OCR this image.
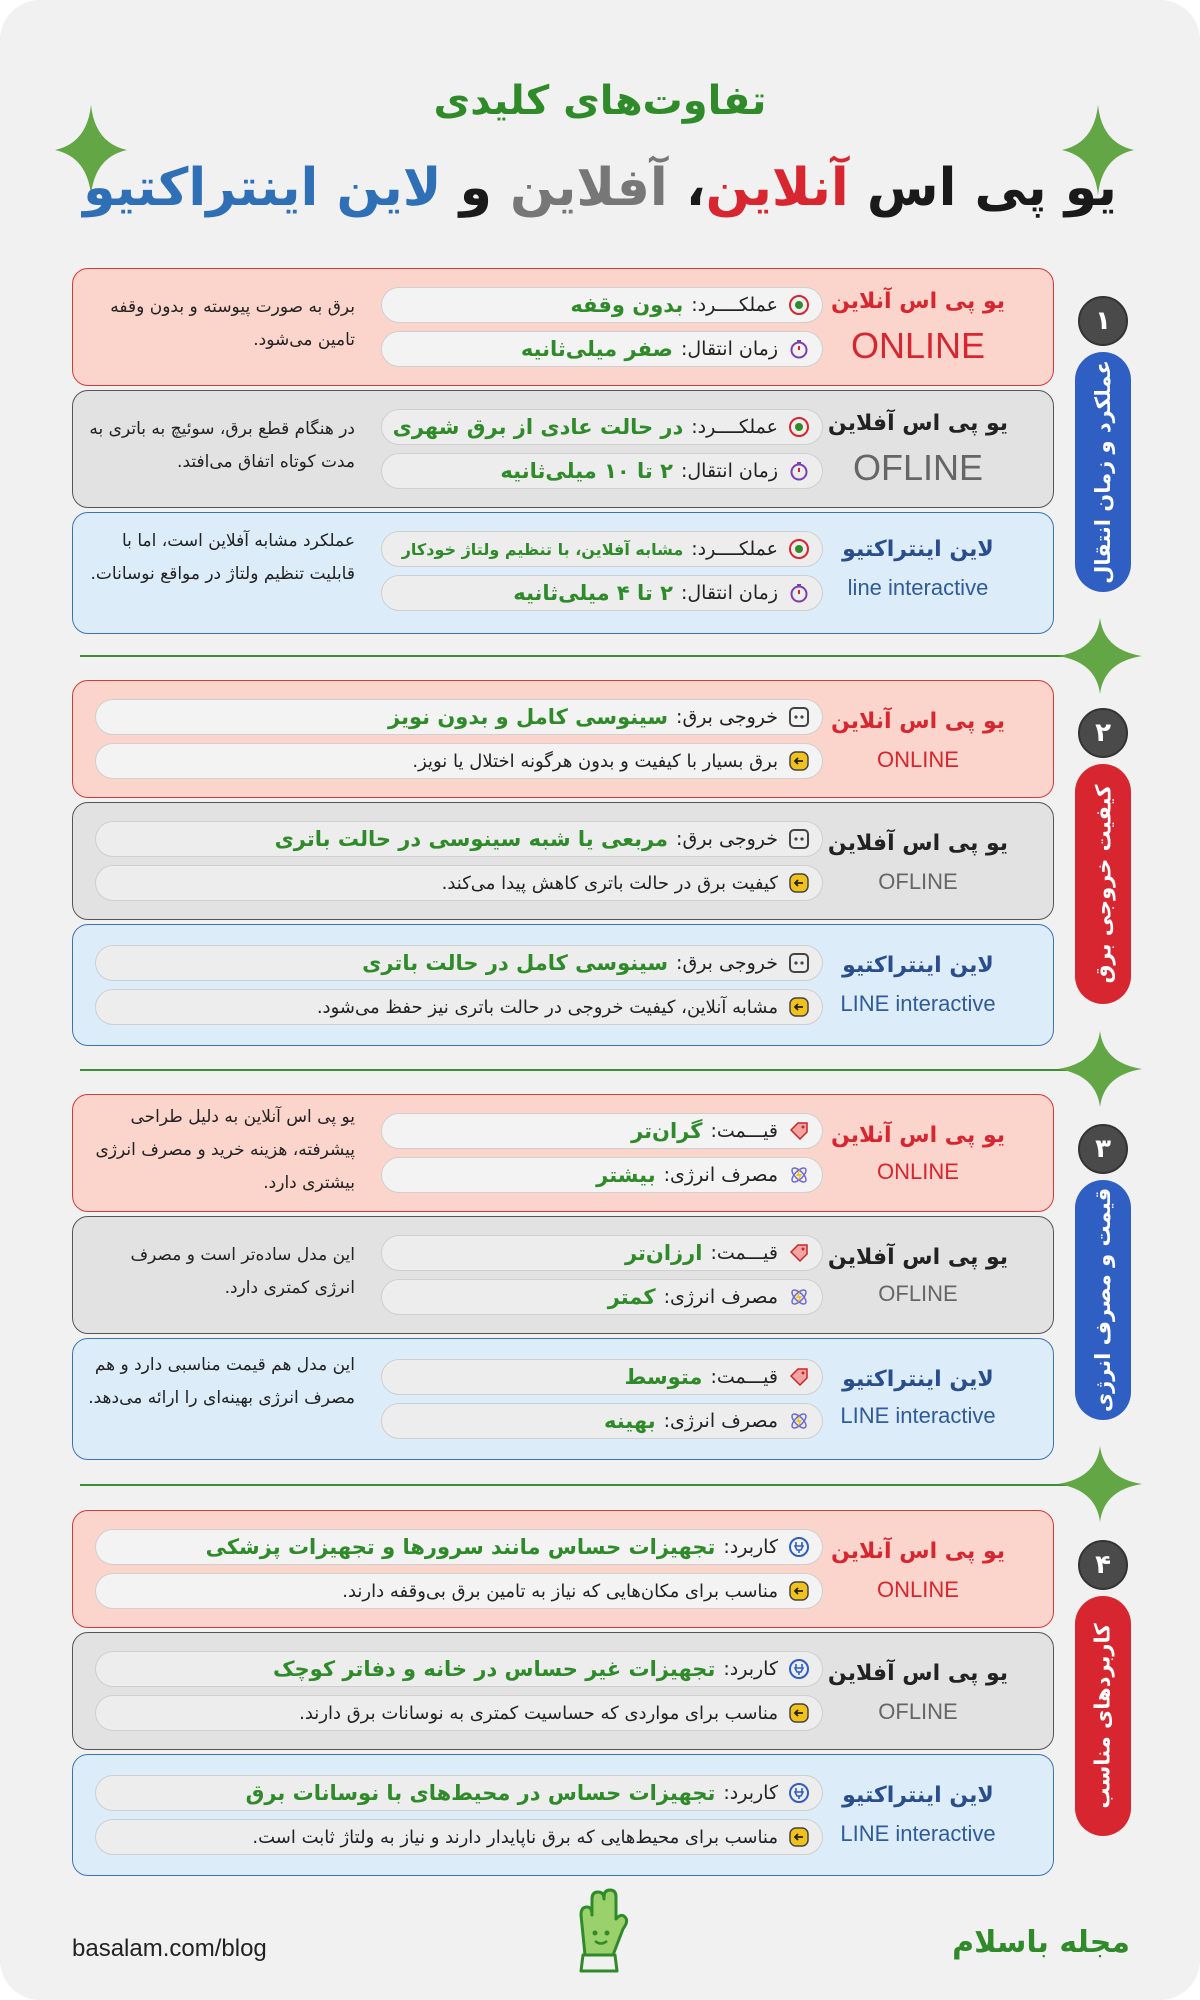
تفاوت‌های کلیدی
یو پی اس آنلاین، آفلاین و لاین اینتراکتیو
یو پی اس آنلاین
ONLINE
عملکــــرد:
بدون وقفه
زمان انتقال:
صفر میلی‌ثانیه
برق به صورت پیوسته و بدون وقفه تامین می‌شود.
یو پی اس آفلاین
OFLINE
عملکــــرد:
در حالت عادی از برق شهری
زمان انتقال:
۲ تا ۱۰ میلی‌ثانیه
در هنگام قطع برق، سوئیچ به باتری به مدت کوتاه اتفاق می‌افتد.
لاین اینتراکتیو
line interactive
عملکــــرد:
مشابه آفلاین، با تنظیم ولتاژ خودکار
زمان انتقال:
۲ تا ۴ میلی‌ثانیه
عملکرد مشابه آفلاین است، اما با قابلیت تنظیم ولتاژ در مواقع نوسانات.
۱
عملکرد و زمان انتقال
یو پی اس آنلاین
ONLINE
خروجی برق:
سینوسی کامل و بدون نویز
برق بسیار با کیفیت و بدون هرگونه اختلال یا نویز.
یو پی اس آفلاین
OFLINE
خروجی برق:
مربعی یا شبه سینوسی در حالت باتری
کیفیت برق در حالت باتری کاهش پیدا می‌کند.
لاین اینتراکتیو
LINE interactive
خروجی برق:
سینوسی کامل در حالت باتری
مشابه آنلاین، کیفیت خروجی در حالت باتری نیز حفظ می‌شود.
۲
کیفیت خروجی برق
یو پی اس آنلاین
ONLINE
قیـــمت:
گران‌تر
مصرف انرژی:
بیشتر
یو پی اس آنلاین به دلیل طراحی پیشرفته، هزینه خرید و مصرف انرژی بیشتری دارد.
یو پی اس آفلاین
OFLINE
قیـــمت:
ارزان‌تر
مصرف انرژی:
کمتر
این مدل ساده‌تر است و مصرف انرژی کمتری دارد.
لاین اینتراکتیو
LINE interactive
قیـــمت:
متوسط
مصرف انرژی:
بهینه
این مدل هم قیمت مناسبی دارد و هم مصرف انرژی بهینه‌ای را ارائه می‌دهد.
۳
قیمت و مصرف انرژی
یو پی اس آنلاین
ONLINE
کاربرد:
تجهیزات حساس مانند سرورها و تجهیزات پزشکی
مناسب برای مکان‌هایی که نیاز به تامین برق بی‌وقفه دارند.
یو پی اس آفلاین
OFLINE
کاربرد:
تجهیزات غیر حساس در خانه و دفاتر کوچک
مناسب برای مواردی که حساسیت کمتری به نوسانات برق دارند.
لاین اینتراکتیو
LINE interactive
کاربرد:
تجهیزات حساس در محیط‌های با نوسانات برق
مناسب برای محیط‌هایی که برق ناپایدار دارند و نیاز به ولتاژ ثابت است.
۴
کاربردهای مناسب
basalam.com/blog	مجله باسلام
